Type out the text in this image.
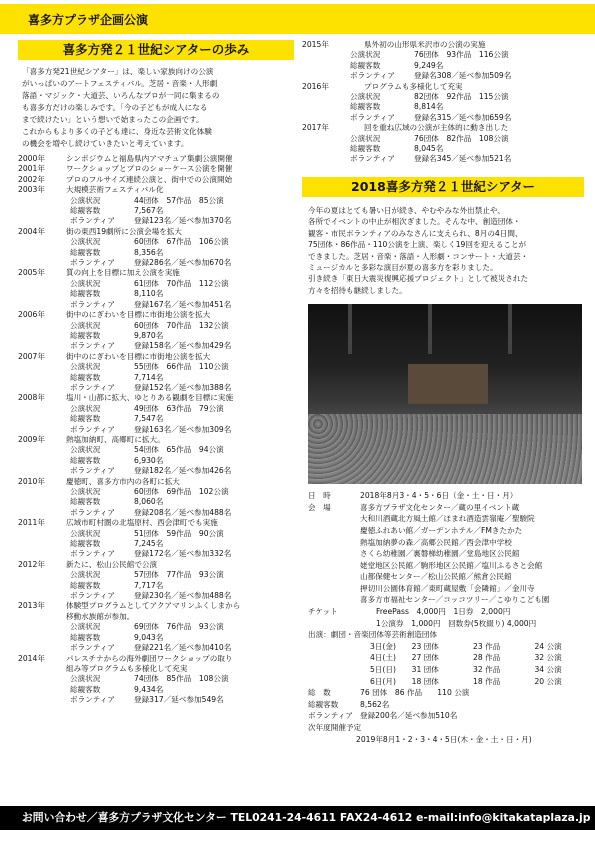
喜多方プラザ企画公演
喜多方発２１世紀シアターの歩み
「喜多方発21世紀シアター」は、楽しい家族向けの公演
がいっぱいのアートフェスティバル。芝居・音楽・人形劇
落語・マジック・大道芸、いろんなプロが一同に集まるの
も喜多方だけの楽しみです。「今の子どもが成人になる
まで続けたい」という想いで始まったこの企画です。
これからもより多くの子ども達に、身近な芸術文化体験
の機会を増やし続けていきたいと考えています。
2000年	シンポジウムと福島県内アマチュア集劇公演開催
2001年	ワークショップとプロのショーケース公演を開催
2002年	プロのフルサイズ連続公演と、街中での公演開始
2003年	大規模芸術フェスティバル化
公演状況	44団体　57作品　85公演
総観客数	7,567名
ボランティア	登録123名／延べ参加370名
2004年	街の東西19劇所に公演会場を拡大
公演状況	60団体　67作品　106公演
総観客数	8,356名
ボランティア	登録286名／延べ参加670名
2005年	質の向上を目標に加え公演を実施
公演状況	61団体　70作品　112公演
総観客数	8,110名
ボランティア	登録167名／延べ参加451名
2006年	街中のにぎわいを目標に市街地公演を拡大
公演状況	60団体　70作品　132公演
総観客数	9,870名
ボランティア	登録158名／延べ参加429名
2007年	街中のにぎわいを目標に市街地公演を拡大
公演状況	55団体　66作品　110公演
総観客数	7,714名
ボランティア	登録152名／延べ参加388名
2008年	塩川・山都に拡大、ゆとりある観劇を目標に実施
公演状況	49団体　63作品　79公演
総観客数	7,547名
ボランティア	登録163名／延べ参加309名
2009年	熱塩加納町、高郷町に拡大。
公演状況	54団体　65作品　94公演
総観客数	6,930名
ボランティア	登録182名／延べ参加426名
2010年	慶徳町、喜多方市内の各町に拡大
公演状況	60団体　69作品　102公演
総観客数	8,060名
ボランティア	登録208名／延べ参加488名
2011年	広域市町村圏の北塩原村、西会津町でも実施
公演状況	51団体　59作品　90公演
総観客数	7,245名
ボランティア	登録172名／延べ参加332名
2012年	新たに、松山公民館で公演
公演状況	57団体　77作品　93公演
総観客数	7,717名
ボランティア	登録230名／延べ参加488名
2013年	体験型プログラムとしてアクアマリンふくしまから
移動水族館が参加。
公演状況	69団体　76作品　93公演
総観客数	9,043名
ボランティア	登録221名／延べ参加410名
2014年	パレスチナからの海外劇団ワークショップの取り
組み等プログラムも多様化して充実
公演状況	74団体　85作品　108公演
総観客数	9,434名
ボランティア	登録317／延べ参加549名
2015年	県外初の山形県米沢市の公演の実施
公演状況	76団体　93作品　116公演
総観客数	9,249名
ボランティア	登録名308／延べ参加509名
2016年	プログラムも多様化して充実
公演状況	82団体　92作品　115公演
総観客数	8,814名
ボランティア	登録名315／延べ参加659名
2017年	回を重ね広域の公演が主体的に動き出した
公演状況	76団体　82作品　108公演
総観客数	8,045名
ボランティア	登録名345／延べ参加521名
2018喜多方発２１世紀シアター
今年の夏はとても暑い日が続き、やむやみな外出禁止や、
各所でイベントの中止が相次ぎました。そんな中、創造団体・
観客・市民ボランティアのみなさんに支えられ、8月の4日間、
75団体・86作品・110公演を上演、楽しく19回を迎えることが
できました。芝居・音楽・落語・人形劇・コンサート・大道芸・
ミュージカルと多彩な演目が夏の喜多方を彩りました。
引き続き「東日大震災復興応援プロジェクト」として被災された
方々を招待も継続しました。
日　時	2018年8月3・4・5・6日（金・土・日・月）
会　場	喜多方プラザ文化センター／蔵の里イベント蔵
大和川酒蔵北方風土館／ほまれ酒造雲嶺庵／聖駿院
慶徳ふれあい館／ガーデンホテル／FMきたかた
熱塩加納夢の森／高郷公民館／西会津中学校
さくら幼稚園／裏磐梯幼稚園／堂島地区公民館
姥堂地区公民館／駒形地区公民館／塩川ふるさと会館
山都保健センター／松山公民館／熊倉公民館
押切川公園体育館／東町蔵屋敷「会隣館」／金川寺
喜多方市福祉センター／コッコツリー／こゆりこども園
チケット	FreePass　4,000円　1日券　2,000円
1公演券　1,000円　回数券(5枚綴り) 4,000円
出演：劇団・音楽団体等芸術創造団体
3日(金)	23 団体	23 作品	24 公演
4日(土)	27 団体	28 作品	32 公演
5日(日)	31 団体	32 作品	34 公演
6日(月)	18 団体	18 作品	20 公演
総　数	76 団体　86 作品　　110 公演
総観客数	8,562名
ボランティア 登録200名／延べ参加510名
次年度開催予定
2019年8月1・2・3・4・5日(木・金・土・日・月)
お問い合わせ／喜多方プラザ文化センター TEL0241-24-4611 FAX24-4612 e-mail:info@kitakataplaza.jp
